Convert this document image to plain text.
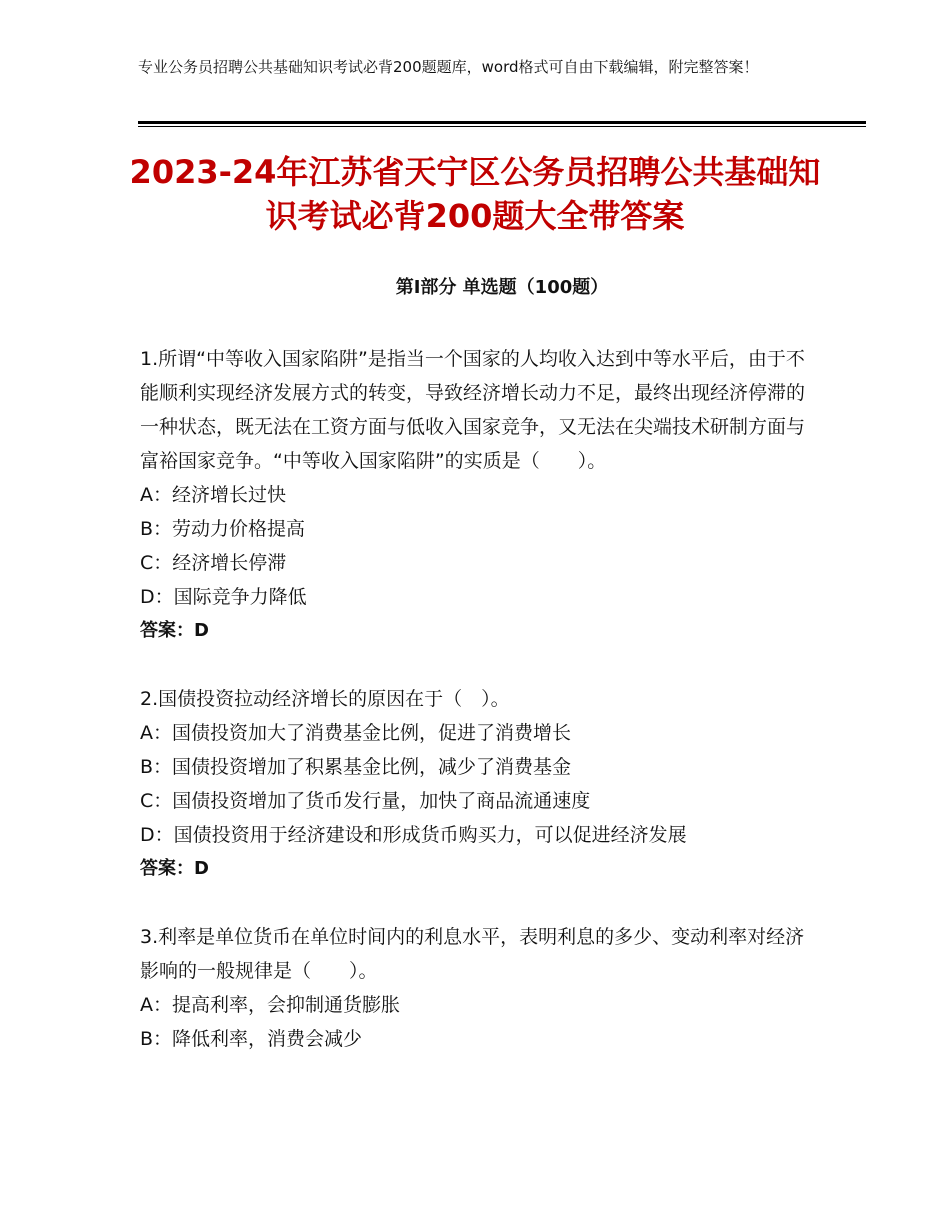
专业公务员招聘公共基础知识考试必背200题题库，word格式可自由下载编辑，附完整答案！
2023-24年江苏省天宁区公务员招聘公共基础知识考试必背200题大全带答案
第Ⅰ部分 单选题（100题）

1.所谓“中等收入国家陷阱”是指当一个国家的人均收入达到中等水平后，由于不能顺利实现经济发展方式的转变，导致经济增长动力不足，最终出现经济停滞的一种状态，既无法在工资方面与低收入国家竞争，又无法在尖端技术研制方面与富裕国家竞争。“中等收入国家陷阱”的实质是（　　）。

A：经济增长过快

B：劳动力价格提高

C：经济增长停滞

D：国际竞争力降低

答案：D

2.国债投资拉动经济增长的原因在于（　）。

A：国债投资加大了消费基金比例，促进了消费增长

B：国债投资增加了积累基金比例，减少了消费基金

C：国债投资增加了货币发行量，加快了商品流通速度

D：国债投资用于经济建设和形成货币购买力，可以促进经济发展

答案：D

3.利率是单位货币在单位时间内的利息水平，表明利息的多少、变动利率对经济影响的一般规律是（　　）。

A：提高利率，会抑制通货膨胀

B：降低利率，消费会减少
